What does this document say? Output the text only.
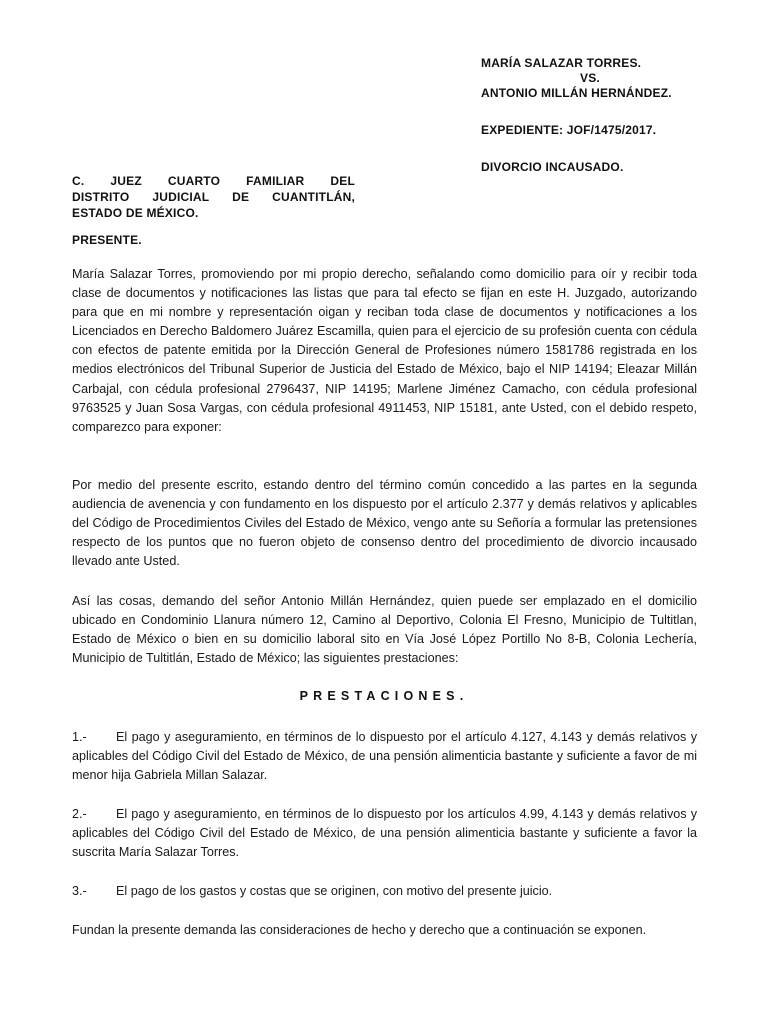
MARÍA SALAZAR TORRES.
VS.
ANTONIO MILLÁN HERNÁNDEZ.
EXPEDIENTE: JOF/1475/2017.
DIVORCIO INCAUSADO.
C. JUEZ CUARTO FAMILIAR DEL
DISTRITO JUDICIAL DE CUANTITLÁN,
ESTADO DE MÉXICO.
PRESENTE.
María Salazar Torres, promoviendo por mi propio derecho, señalando como domicilio para oír y recibir toda clase de documentos y notificaciones las listas que para tal efecto se fijan en este H. Juzgado, autorizando para que en mi nombre y representación oigan y reciban toda clase de documentos y notificaciones a los Licenciados en Derecho Baldomero Juárez Escamilla, quien para el ejercicio de su profesión cuenta con cédula con efectos de patente emitida por la Dirección General de Profesiones número 1581786 registrada en los medios electrónicos del Tribunal Superior de Justicia del Estado de México, bajo el NIP 14194; Eleazar Millán Carbajal, con cédula profesional 2796437, NIP 14195; Marlene Jiménez Camacho, con cédula profesional 9763525 y Juan Sosa Vargas, con cédula profesional 4911453, NIP 15181, ante Usted, con el debido respeto, comparezco para exponer:
Por medio del presente escrito, estando dentro del término común concedido a las partes en la segunda audiencia de avenencia y con fundamento en los dispuesto por el artículo 2.377 y demás relativos y aplicables del Código de Procedimientos Civiles del Estado de México, vengo ante su Señoría a formular las pretensiones respecto de los puntos que no fueron objeto de consenso dentro del procedimiento de divorcio incausado llevado ante Usted.
Así las cosas, demando del señor Antonio Millán Hernández, quien puede ser emplazado en el domicilio ubicado en Condominio Llanura número 12, Camino al Deportivo, Colonia El Fresno, Municipio de Tultitlan, Estado de México o bien en su domicilio laboral sito en Vía José López Portillo No 8-B, Colonia Lechería, Municipio de Tultitlán, Estado de México; las siguientes prestaciones:
PRESTACIONES.
1.- El pago y aseguramiento, en términos de lo dispuesto por el artículo 4.127, 4.143 y demás relativos y aplicables del Código Civil del Estado de México, de una pensión alimenticia bastante y suficiente a favor de mi menor hija Gabriela Millan Salazar.
2.- El pago y aseguramiento, en términos de lo dispuesto por los artículos 4.99, 4.143 y demás relativos y aplicables del Código Civil del Estado de México, de una pensión alimenticia bastante y suficiente a favor la suscrita María Salazar Torres.
3.- El pago de los gastos y costas que se originen, con motivo del presente juicio.
Fundan la presente demanda las consideraciones de hecho y derecho que a continuación se exponen.
